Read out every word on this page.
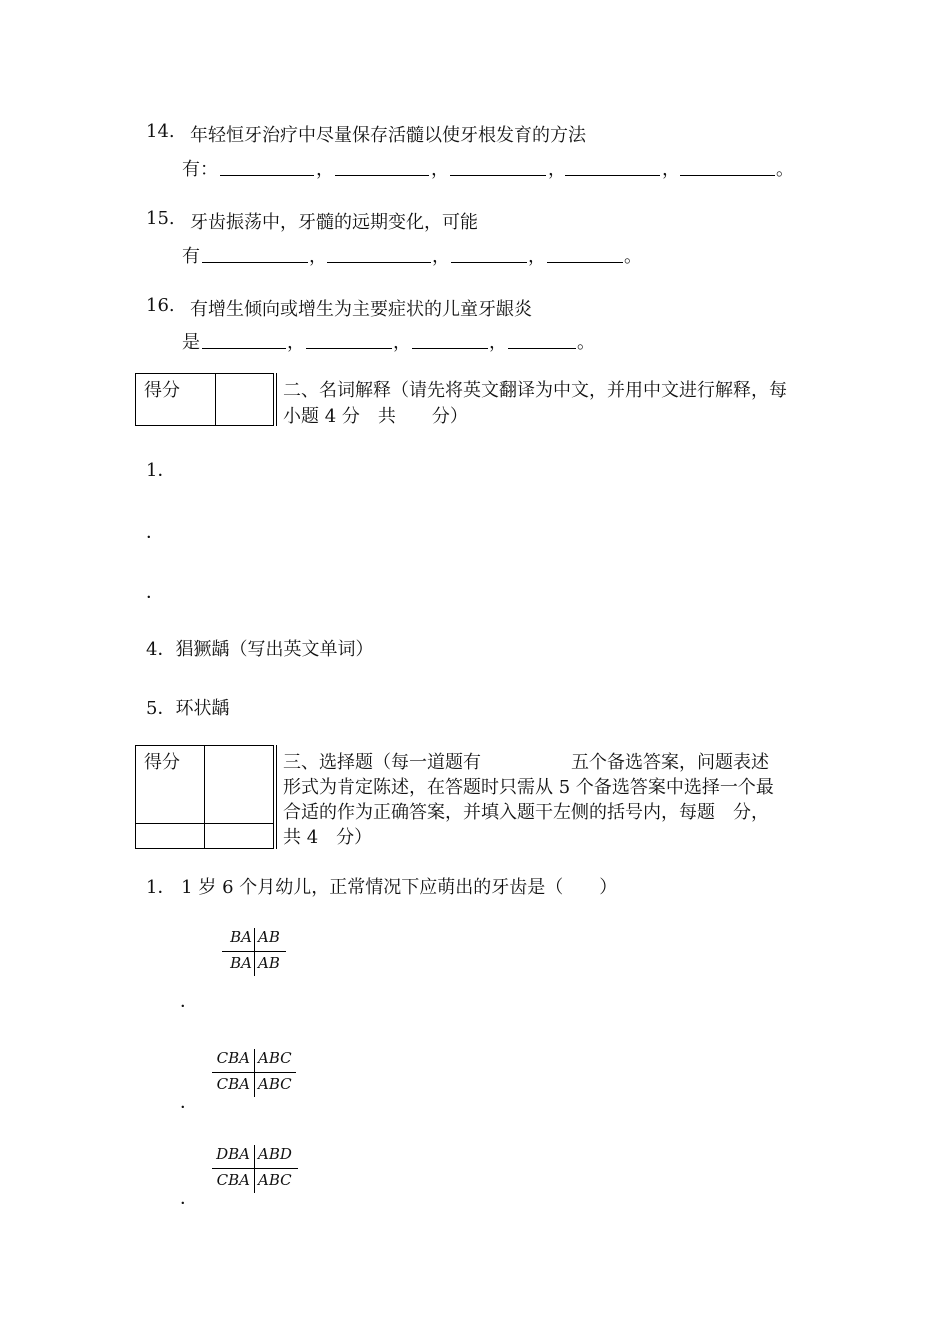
14. 年轻恒牙治疗中尽量保存活髓以使牙根发育的方法
有：	，	，	，	，	。
15. 牙齿振荡中，牙髓的远期变化，可能
有	，	，	，	。
16. 有增生倾向或增生为主要症状的儿童牙龈炎
是	，	，	，	。
得分	二、名词解释（请先将英文翻译为中文，并用中文进行解释，每
小题 4 分　共　　分）
1．
．
．
4．猖獗龋（写出英文单词）
5．环状龋
得分	三、选择题（每一道题有　　　　　五个备选答案，问题表述
形式为肯定陈述，在答题时只需从 5 个备选答案中选择一个最
合适的作为正确答案，并填入题干左侧的括号内，每题　分，
共 4　分）
1． 1 岁 6 个月幼儿，正常情况下应萌出的牙齿是（　　）
BA AB
BA AB
．
CBA ABC
CBA ABC
．
DBA ABD
CBA ABC
．
